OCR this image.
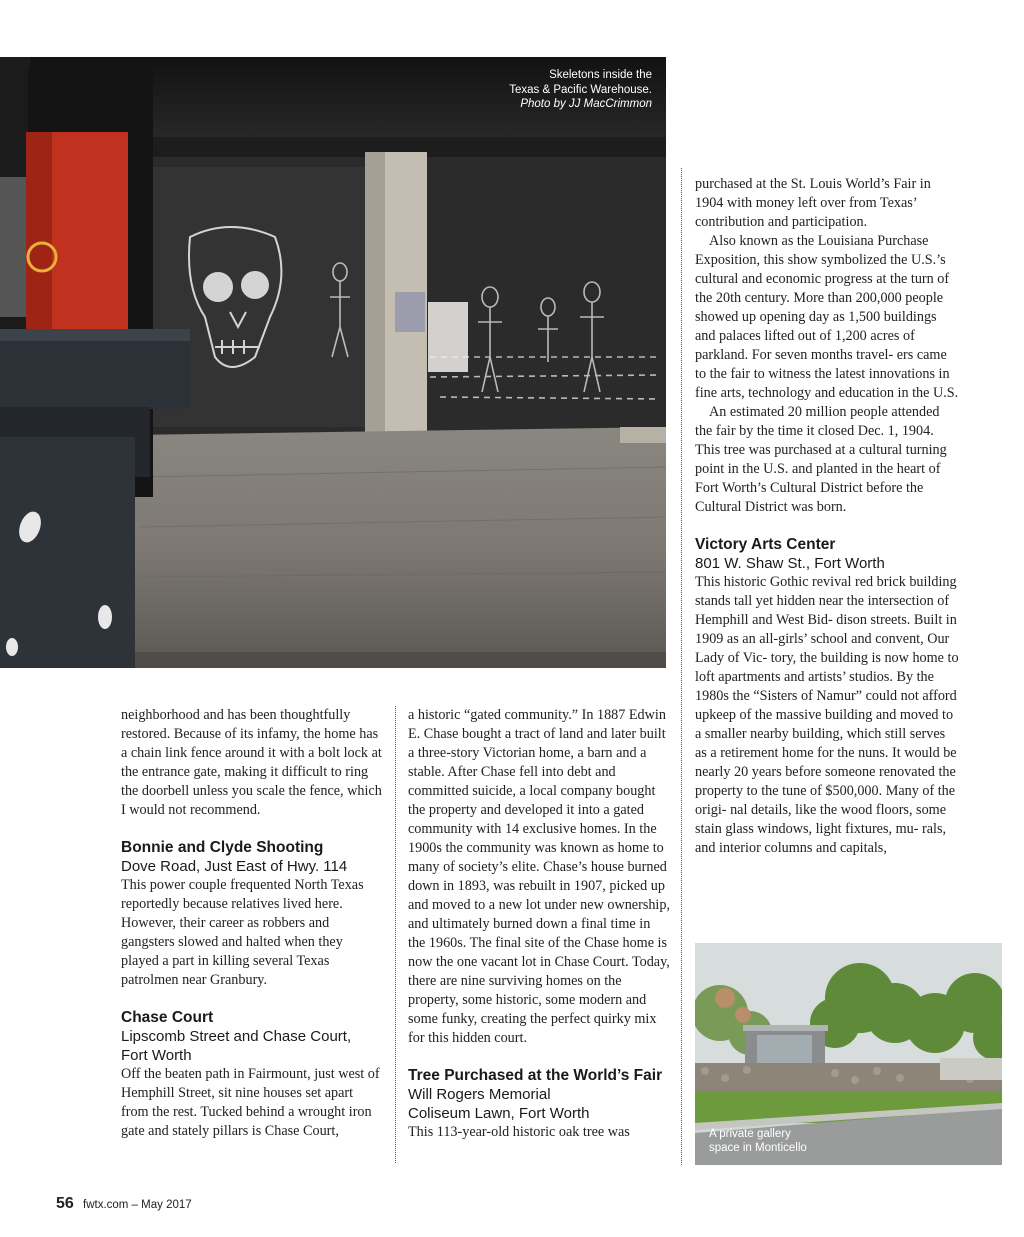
Skeletons inside the
Texas & Pacific Warehouse.
Photo by JJ MacCrimmon

neighborhood and has been thoughtfully restored. Because of its infamy, the home has a chain link fence around it with a bolt lock at the entrance gate, making it difficult to ring the doorbell unless you scale the fence, which I would not recommend.

Bonnie and Clyde Shooting
Dove Road, Just East of Hwy. 114

This power couple frequented North Texas reportedly because relatives lived here. However, their career as robbers and gangsters slowed and halted when they played a part in killing several Texas patrolmen near Granbury.

Chase Court
Lipscomb Street and Chase Court,
Fort Worth

Off the beaten path in Fairmount, just west of Hemphill Street, sit nine houses set apart from the rest. Tucked behind a wrought iron gate and stately pillars is Chase Court,

a historic “gated community.” In 1887 Edwin E. Chase bought a tract of land and later built a three-story Victorian home, a barn and a stable. After Chase fell into debt and committed suicide, a local company bought the property and developed it into a gated community with 14 exclusive homes. In the 1900s the community was known as home to many of society’s elite. Chase’s house burned down in 1893, was rebuilt in 1907, picked up and moved to a new lot under new ownership, and ultimately burned down a final time in the 1960s. The final site of the Chase home is now the one vacant lot in Chase Court. Today, there are nine surviving homes on the property, some historic, some modern and some funky, creating the perfect quirky mix for this hidden court.

Tree Purchased at the World’s Fair
Will Rogers Memorial
Coliseum Lawn, Fort Worth

This 113-year-old historic oak tree was

purchased at the St. Louis World’s Fair in 1904 with money left over from Texas’ contribution and participation.

Also known as the Louisiana Purchase Exposition, this show symbolized the U.S.’s cultural and economic progress at the turn of the 20th century. More than 200,000 people showed up opening day as 1,500 buildings and palaces lifted out of 1,200 acres of parkland. For seven months travel- ers came to the fair to witness the latest innovations in fine arts, technology and education in the U.S.

An estimated 20 million people attended the fair by the time it closed Dec. 1, 1904. This tree was purchased at a cultural turning point in the U.S. and planted in the heart of Fort Worth’s Cultural District before the Cultural District was born.

Victory Arts Center
801 W. Shaw St., Fort Worth

This historic Gothic revival red brick building stands tall yet hidden near the intersection of Hemphill and West Bid- dison streets. Built in 1909 as an all-girls’ school and convent, Our Lady of Vic- tory, the building is now home to loft apartments and artists’ studios. By the 1980s the “Sisters of Namur” could not afford upkeep of the massive building and moved to a smaller nearby building, which still serves as a retirement home for the nuns. It would be nearly 20 years before someone renovated the property to the tune of $500,000. Many of the origi- nal details, like the wood floors, some stain glass windows, light fixtures, mu- rals, and interior columns and capitals,

A private gallery
space in Monticello
56 fwtx.com – May 2017
